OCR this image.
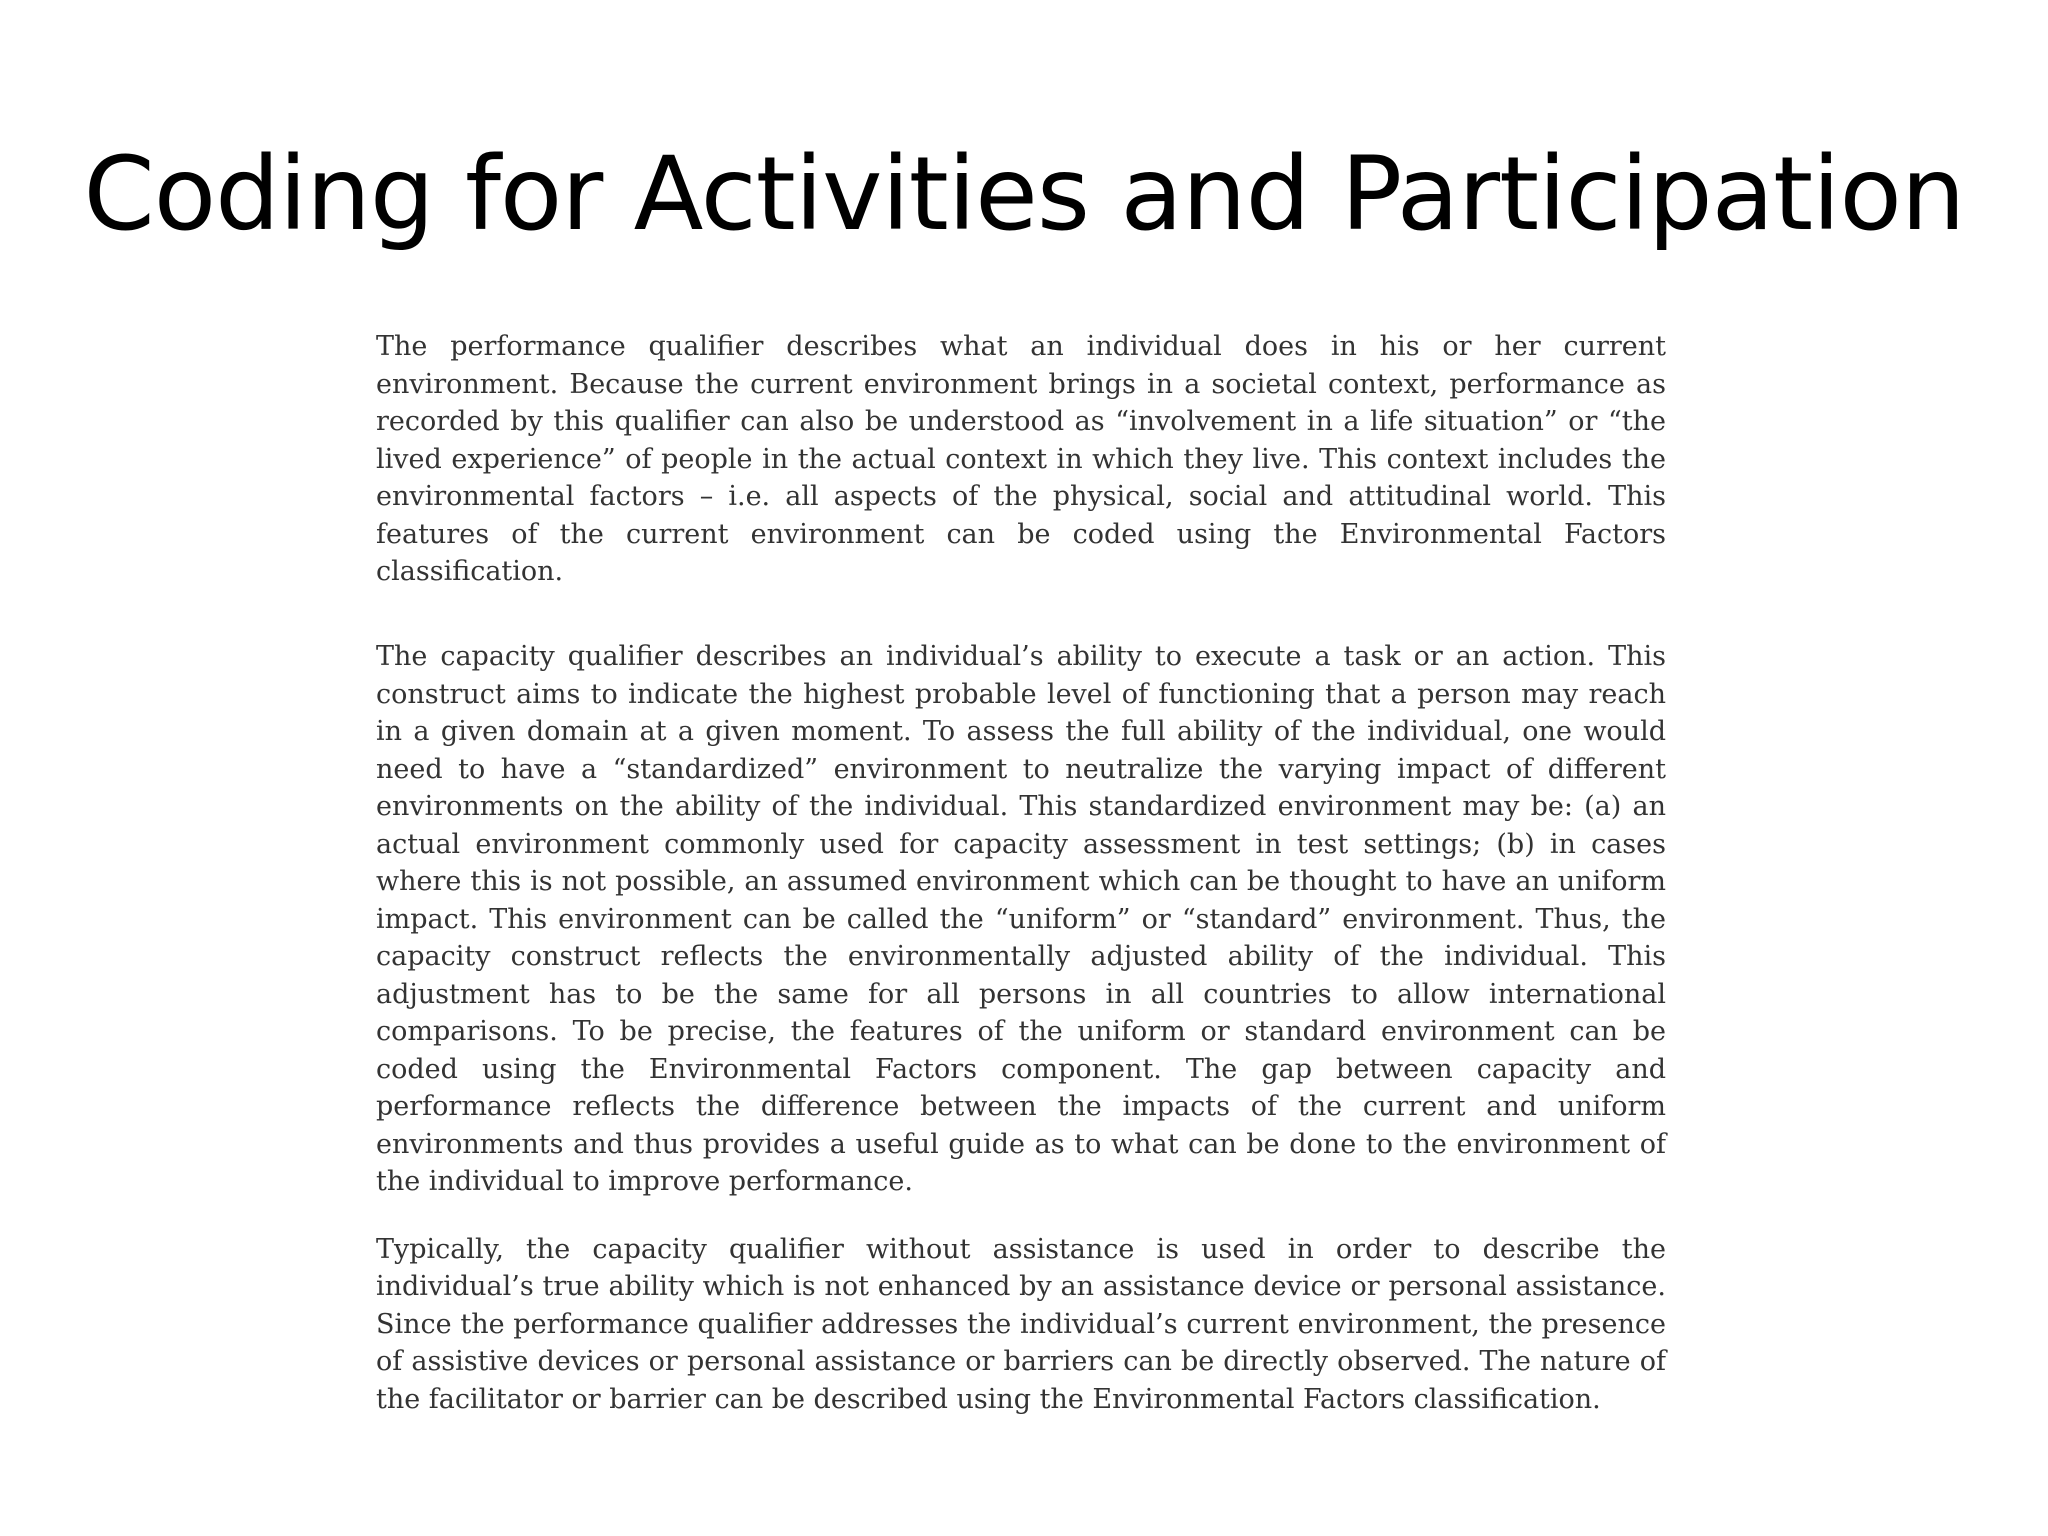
Coding for Activities and Participation

The performance qualifier describes what an individual does in his or her current environment. Because the current environment brings in a societal context, performance as recorded by this qualifier can also be understood as “involvement in a life situation” or “the lived experience” of people in the actual context in which they live. This context includes the environmental factors – i.e. all aspects of the physical, social and attitudinal world. This features of the current environment can be coded using the Environmental Factors classification.

The capacity qualifier describes an individual’s ability to execute a task or an action. This construct aims to indicate the highest probable level of functioning that a person may reach in a given domain at a given moment. To assess the full ability of the individual, one would need to have a “standardized” environment to neutralize the varying impact of different environments on the ability of the individual. This standardized environment may be: (a) an actual environment commonly used for capacity assessment in test settings; (b) in cases where this is not possible, an assumed environment which can be thought to have an uniform impact. This environment can be called the “uniform” or “standard” environment. Thus, the capacity construct reflects the environmentally adjusted ability of the individual. This adjustment has to be the same for all persons in all countries to allow international comparisons. To be precise, the features of the uniform or standard environment can be coded using the Environmental Factors component. The gap between capacity and performance reflects the difference between the impacts of the current and uniform environments and thus provides a useful guide as to what can be done to the environment of the individual to improve performance.

Typically, the capacity qualifier without assistance is used in order to describe the individual’s true ability which is not enhanced by an assistance device or personal assistance. Since the performance qualifier addresses the individual’s current environment, the presence of assistive devices or personal assistance or barriers can be directly observed. The nature of the facilitator or barrier can be described using the Environmental Factors classification.
